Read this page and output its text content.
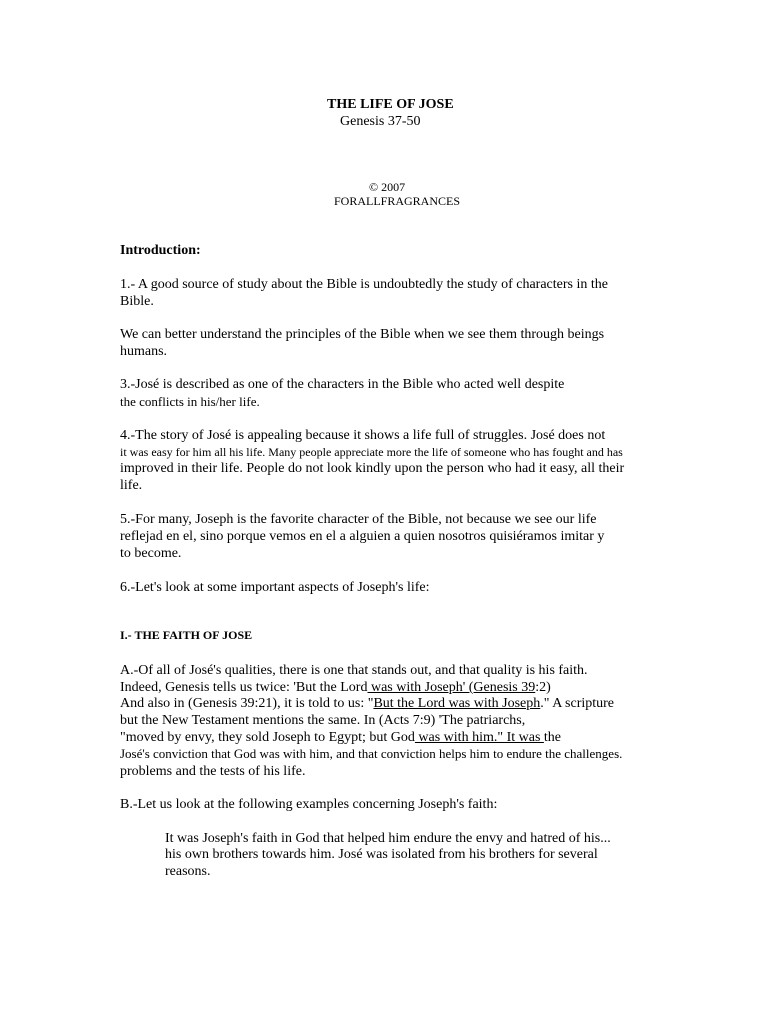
THE LIFE OF JOSE
Genesis 37-50
© 2007
FORALLFRAGRANCES
Introduction:
1.- A good source of study about the Bible is undoubtedly the study of characters in the
Bible.
We can better understand the principles of the Bible when we see them through beings
humans.
3.-José is described as one of the characters in the Bible who acted well despite
the conflicts in his/her life.
4.-The story of José is appealing because it shows a life full of struggles. José does not
it was easy for him all his life. Many people appreciate more the life of someone who has fought and has
improved in their life. People do not look kindly upon the person who had it easy, all their
life.
5.-For many, Joseph is the favorite character of the Bible, not because we see our life
reflejad en el, sino porque vemos en el a alguien a quien nosotros quisiéramos imitar y
to become.
6.-Let's look at some important aspects of Joseph's life:
I.- THE FAITH OF JOSE
A.-Of all of José's qualities, there is one that stands out, and that quality is his faith.
Indeed, Genesis tells us twice: 'But the Lord was with Joseph' (Genesis 39:2)
And also in (Genesis 39:21), it is told to us: "But the Lord was with Joseph." A scripture
but the New Testament mentions the same. In (Acts 7:9) 'The patriarchs,
"moved by envy, they sold Joseph to Egypt; but God was with him." It was the
José's conviction that God was with him, and that conviction helps him to endure the challenges.
problems and the tests of his life.
B.-Let us look at the following examples concerning Joseph's faith:
It was Joseph's faith in God that helped him endure the envy and hatred of his...
his own brothers towards him. José was isolated from his brothers for several
reasons.
